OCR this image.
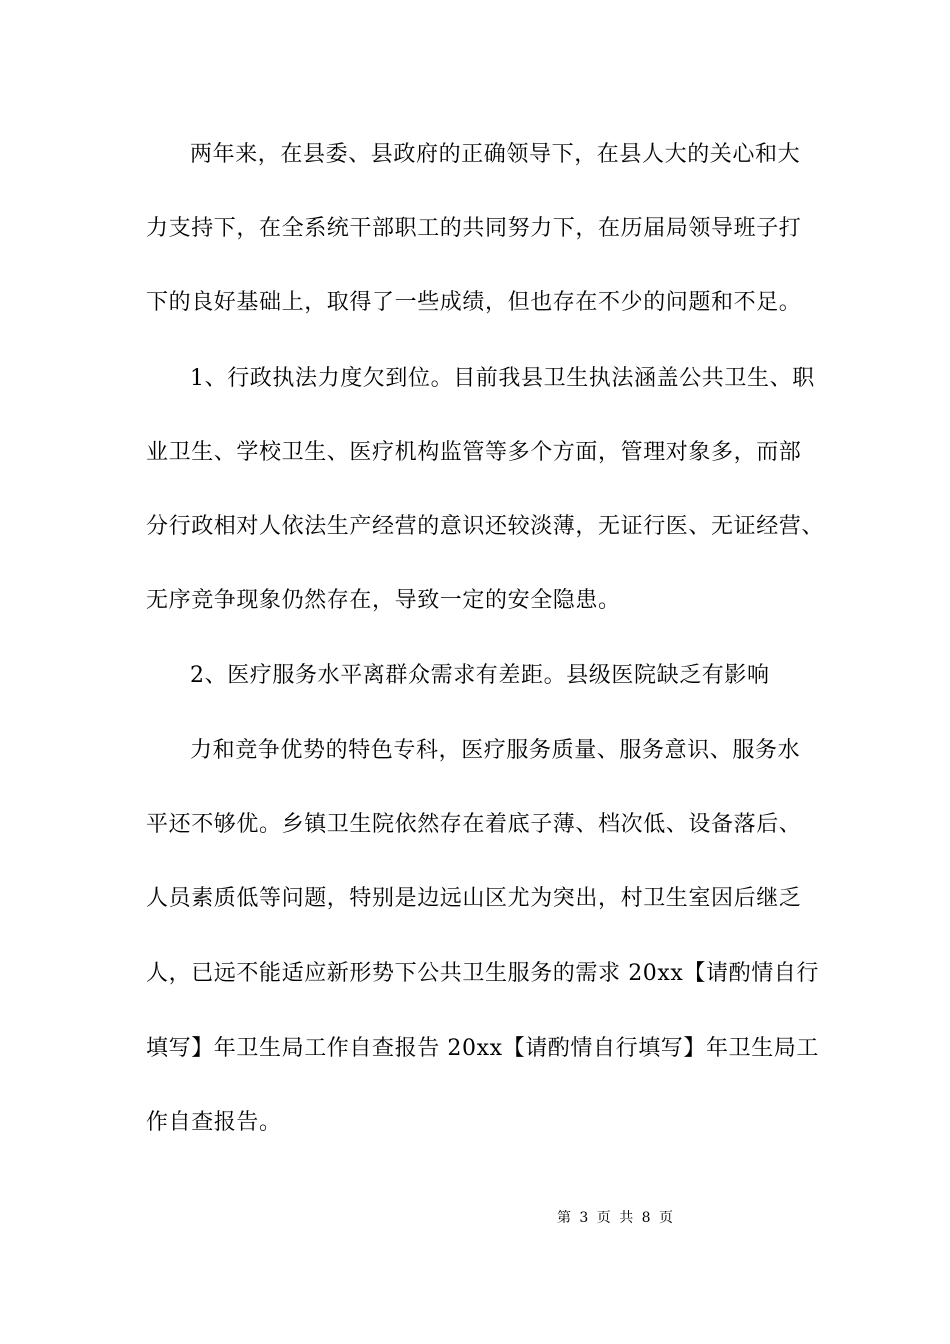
两年来，在县委、县政府的正确领导下，在县人大的关心和大
力支持下，在全系统干部职工的共同努力下，在历届局领导班子打
下的良好基础上，取得了一些成绩，但也存在不少的问题和不足。
1、行政执法力度欠到位。目前我县卫生执法涵盖公共卫生、职
业卫生、学校卫生、医疗机构监管等多个方面，管理对象多，而部
分行政相对人依法生产经营的意识还较淡薄，无证行医、无证经营、
无序竞争现象仍然存在，导致一定的安全隐患。
2、医疗服务水平离群众需求有差距。县级医院缺乏有影响
力和竞争优势的特色专科，医疗服务质量、服务意识、服务水
平还不够优。乡镇卫生院依然存在着底子薄、档次低、设备落后、
人员素质低等问题，特别是边远山区尤为突出，村卫生室因后继乏
人，已远不能适应新形势下公共卫生服务的需求 20xx【请酌情自行
填写】年卫生局工作自查报告 20xx【请酌情自行填写】年卫生局工
作自查报告。
第 3 页 共 8 页
